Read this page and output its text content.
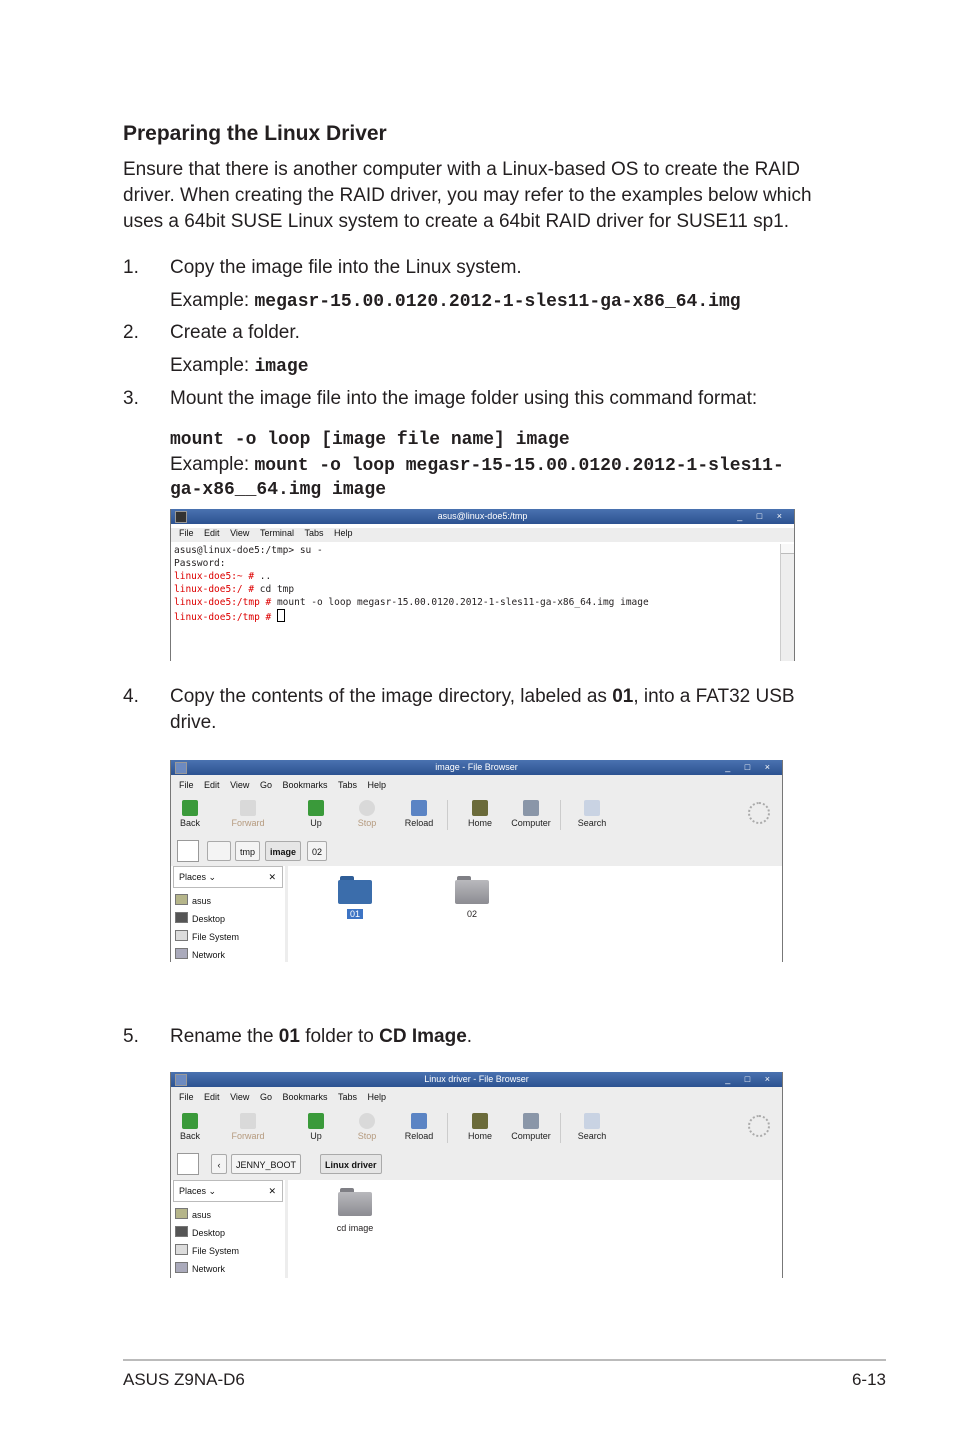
Preparing the Linux Driver
Ensure that there is another computer with a Linux-based OS to create the RAID driver. When creating the RAID driver, you may refer to the examples below which uses a 64bit SUSE Linux system to create a 64bit RAID driver for SUSE11 sp1.
1. Copy the image file into the Linux system.
Example: megasr-15.00.0120.2012-1-sles11-ga-x86_64.img
2. Create a folder.
Example: image
3. Mount the image file into the image folder using this command format:
mount -o loop [image file name] image
Example: mount -o loop megasr-15-15.00.0120.2012-1-sles11-
ga-x86__64.img image
asus@linux-doe5:/tmp	_ □ ×
File Edit View Terminal Tabs Help
asus@linux-doe5:/tmp> su -
Password:
linux-doe5:~ # ..
linux-doe5:/ # cd tmp
linux-doe5:/tmp # mount -o loop megasr-15.00.0120.2012-1-sles11-ga-x86_64.img image
linux-doe5:/tmp #
4. Copy the contents of the image directory, labeled as 01, into a FAT32 USB
drive.
image - File Browser	_ □ ×
File Edit View Go Bookmarks Tabs Help
Back	Forward	Up	Stop	Reload	Home	Computer	Search
tmp	image	02
Places ⌄	✕
asus
Desktop
File System
Network
01	02
5. Rename the 01 folder to CD Image.
Linux driver - File Browser	_ □ ×
File Edit View Go Bookmarks Tabs Help
Back	Forward	Up	Stop	Reload	Home	Computer	Search
‹	JENNY_BOOT	Linux driver
Places ⌄	✕
asus
Desktop
File System
Network
cd image
ASUS Z9NA-D6	6-13
